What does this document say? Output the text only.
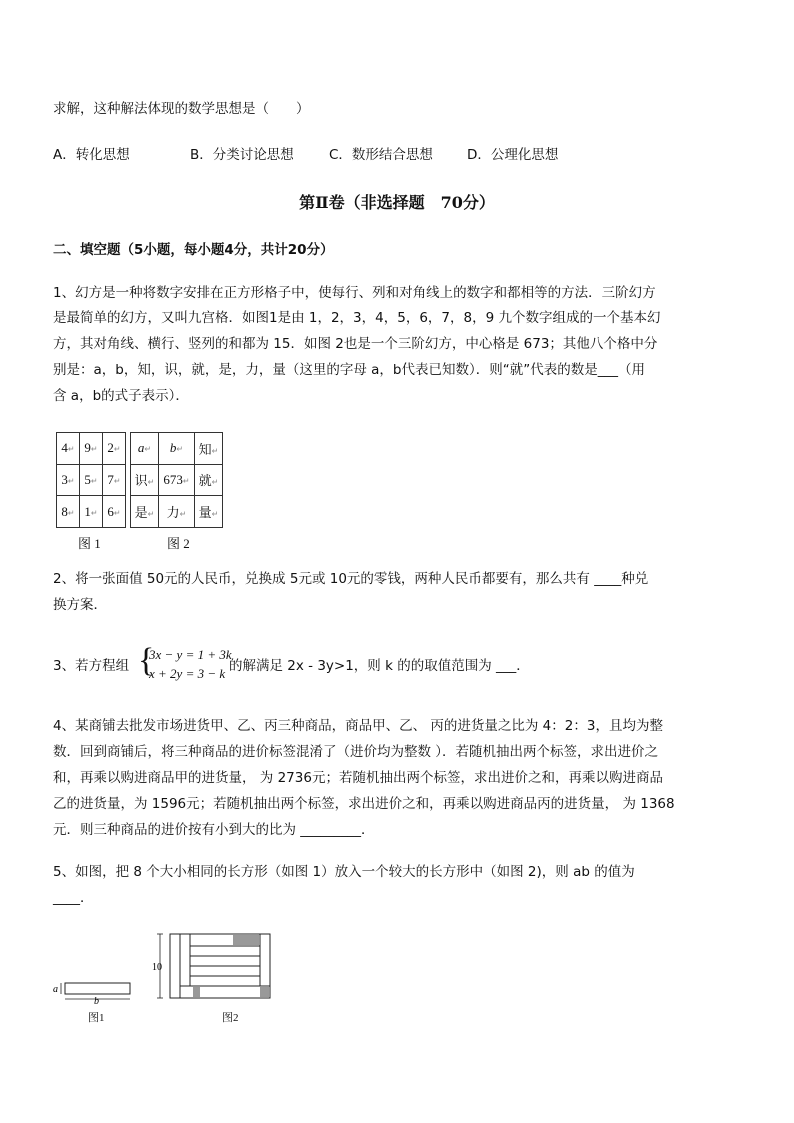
求解，这种解法体现的数学思想是（　　）
A．转化思想	B．分类讨论思想	C．数形结合思想	D．公理化思想
第Ⅱ卷（非选择题　70分）
二、填空题（5小题，每小题4分，共计20分）
1、幻方是一种将数字安排在正方形格子中，使每行、列和对角线上的数字和都相等的方法．三阶幻方
是最简单的幻方，又叫九宫格．如图1是由 1，2，3，4，5，6，7，8，9 九个数字组成的一个基本幻
方，其对角线、横行、竖列的和都为 15．如图 2也是一个三阶幻方，中心格是 673；其他八个格中分
别是：a，b，知，识，就，是，力，量（这里的字母 a，b代表已知数）．则“就”代表的数是___（用
含 a，b的式子表示）．
4↵	9↵	2↵
3↵	5↵	7↵
8↵	1↵	6↵
图 1
a↵	b↵	知↵
识↵	673↵	就↵
是↵	力↵	量↵
图 2
2、将一张面值 50元的人民币，兑换成 5元或 10元的零钱，两种人民币都要有，那么共有 ____种兑
换方案．
3、若方程组 {
3x − y = 1 + 3k
x + 2y = 3 − k 的解满足 2x - 3y>1，则 k 的的取值范围为 ___．
4、某商铺去批发市场进货甲、乙、丙三种商品，商品甲、乙、 丙的进货量之比为 4：2：3，且均为整
数．回到商铺后，将三种商品的进价标签混淆了（进价均为整数 ）．若随机抽出两个标签，求出进价之
和，再乘以购进商品甲的进货量， 为 2736元；若随机抽出两个标签，求出进价之和，再乘以购进商品
乙的进货量，为 1596元；若随机抽出两个标签，求出进价之和，再乘以购进商品丙的进货量， 为 1368
元．则三种商品的进价按有小到大的比为 _________．
5、如图，把 8 个大小相同的长方形（如图 1）放入一个较大的长方形中（如图 2)，则 ab 的值为
____．
a
b
图1
10
图2
